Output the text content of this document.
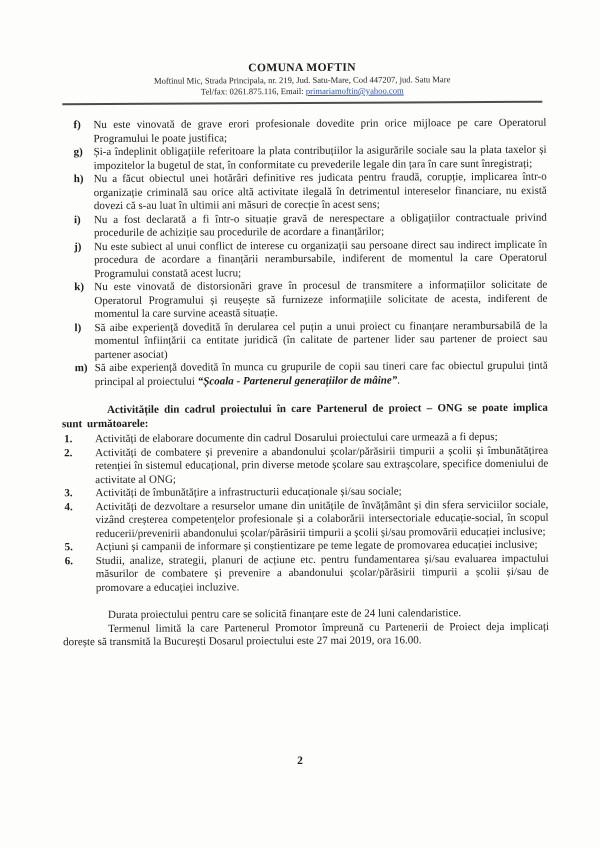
COMUNA MOFTIN
Moftinul Mic, Strada Principala, nr. 219, Jud. Satu-Mare, Cod 447207, jud. Satu Mare
Tel/fax: 0261.875.116, Email: primariamoftin@yahoo.com
f)	Nu este vinovată de grave erori profesionale dovedite prin orice mijloace pe care Operatorul Programului le poate justifica;
g) Și-a îndeplinit obligațiile referitoare la plata contribuțiilor la asigurările sociale sau la plata taxelor și impozitelor la bugetul de stat, în conformitate cu prevederile legale din țara în care sunt înregistrați;
h) Nu a făcut obiectul unei hotărâri definitive res judicata pentru fraudă, corupție, implicarea într-o organizație criminală sau orice altă activitate ilegală în detrimentul intereselor financiare, nu există dovezi că s-au luat în ultimii ani măsuri de corecție în acest sens;
i)	Nu a fost declarată a fi într-o situație gravă de nerespectare a obligațiilor contractuale privind procedurile de achiziție sau procedurile de acordare a finanțărilor;
j)	Nu este subiect al unui conflict de interese cu organizații sau persoane direct sau indirect implicate în procedura de acordare a finanțării nerambursabile, indiferent de momentul la care Operatorul Programului constată acest lucru;
k) Nu este vinovată de distorsionări grave în procesul de transmitere a informațiilor solicitate de Operatorul Programului și reușește să furnizeze informațiile solicitate de acesta, indiferent de momentul la care survine această situație.
l)	Să aibe experiență dovedită în derularea cel puțin a unui proiect cu finanțare nerambursabilă de la momentul înființării ca entitate juridică (în calitate de partener lider sau partener de proiect sau partener asociat)
m) Să aibe experiență dovedită în munca cu grupurile de copii sau tineri care fac obiectul grupului țintă principal al proiectului “Școala - Partenerul generațiilor de mâine”.
Activitățile din cadrul proiectului în care Partenerul de proiect – ONG se poate implica sunt următoarele:
1.	Activități de elaborare documente din cadrul Dosarului proiectului care urmează a fi depus;
2.	Activități de combatere și prevenire a abandonului școlar/părăsirii timpurii a școlii și îmbunătățirea retenției în sistemul educațional, prin diverse metode școlare sau extrașcolare, specifice domeniului de activitate al ONG;
3.	Activități de îmbunătățire a infrastructurii educaționale și/sau sociale;
4.	Activități de dezvoltare a resurselor umane din unitățile de învățământ și din sfera serviciilor sociale, vizând creșterea competențelor profesionale și a colaborării intersectoriale educație-social, în scopul reducerii/prevenirii abandonului școlar/părăsirii timpurii a școlii și/sau promovării educației inclusive;
5.	Acțiuni și campanii de informare și conștientizare pe teme legate de promovarea educației inclusive;
6.	Studii, analize, strategii, planuri de acțiune etc. pentru fundamentarea și/sau evaluarea impactului măsurilor de combatere și prevenire a abandonului școlar/părăsirii timpurii a școlii și/sau de promovare a educației incluzive.
Durata proiectului pentru care se solicită finanțare este de 24 luni calendaristice.
Termenul limită la care Partenerul Promotor împreună cu Partenerii de Proiect deja implicați dorește să transmită la București Dosarul proiectului este 27 mai 2019, ora 16.00.
2
